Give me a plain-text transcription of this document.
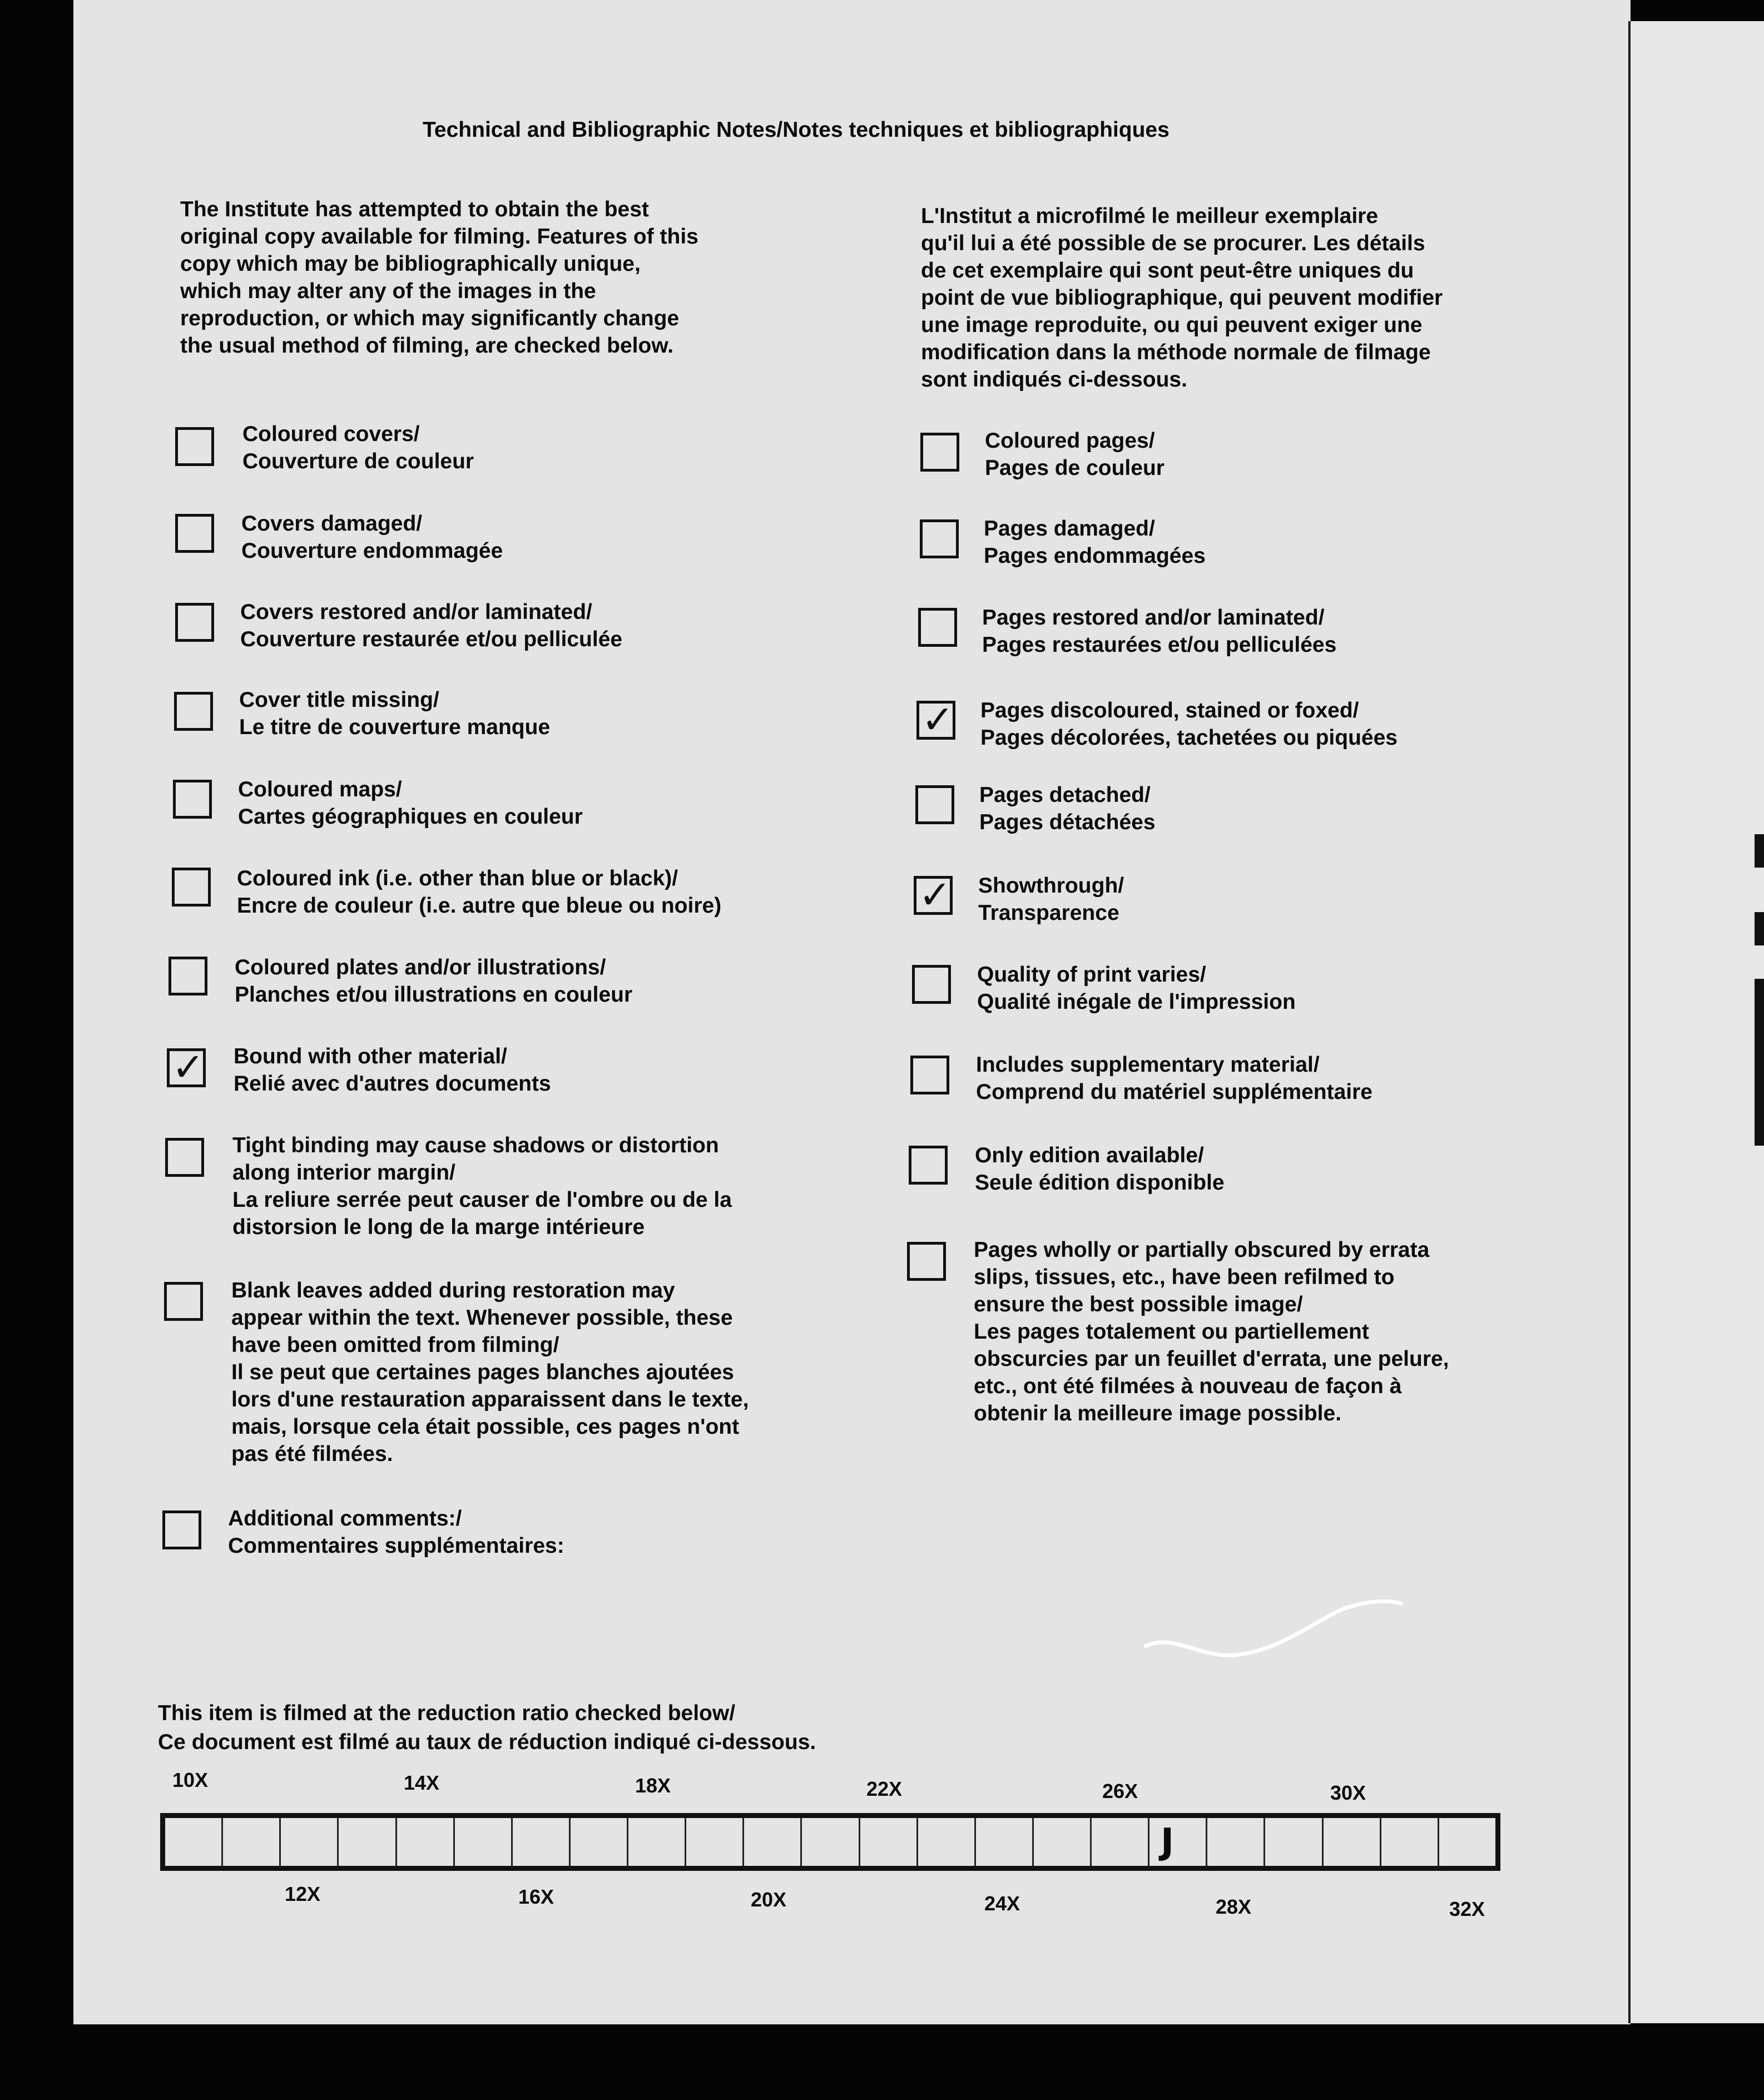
Technical and Bibliographic Notes/Notes techniques et bibliographiques
The Institute has attempted to obtain the best
original copy available for filming. Features of this
copy which may be bibliographically unique,
which may alter any of the images in the
reproduction, or which may significantly change
the usual method of filming, are checked below.
L'Institut a microfilmé le meilleur exemplaire
qu'il lui a été possible de se procurer. Les détails
de cet exemplaire qui sont peut-être uniques du
point de vue bibliographique, qui peuvent modifier
une image reproduite, ou qui peuvent exiger une
modification dans la méthode normale de filmage
sont indiqués ci-dessous.
Coloured covers/
Couverture de couleur
Covers damaged/
Couverture endommagée
Covers restored and/or laminated/
Couverture restaurée et/ou pelliculée
Cover title missing/
Le titre de couverture manque
Coloured maps/
Cartes géographiques en couleur
Coloured ink (i.e. other than blue or black)/
Encre de couleur (i.e. autre que bleue ou noire)
Coloured plates and/or illustrations/
Planches et/ou illustrations en couleur
✓ Bound with other material/
Relié avec d'autres documents
Tight binding may cause shadows or distortion
along interior margin/
La reliure serrée peut causer de l'ombre ou de la
distorsion le long de la marge intérieure
Blank leaves added during restoration may
appear within the text. Whenever possible, these
have been omitted from filming/
Il se peut que certaines pages blanches ajoutées
lors d'une restauration apparaissent dans le texte,
mais, lorsque cela était possible, ces pages n'ont
pas été filmées.
Additional comments:/
Commentaires supplémentaires:
Coloured pages/
Pages de couleur
Pages damaged/
Pages endommagées
Pages restored and/or laminated/
Pages restaurées et/ou pelliculées
✓ Pages discoloured, stained or foxed/
Pages décolorées, tachetées ou piquées
Pages detached/
Pages détachées
✓ Showthrough/
Transparence
Quality of print varies/
Qualité inégale de l'impression
Includes supplementary material/
Comprend du matériel supplémentaire
Only edition available/
Seule édition disponible
Pages wholly or partially obscured by errata
slips, tissues, etc., have been refilmed to
ensure the best possible image/
Les pages totalement ou partiellement
obscurcies par un feuillet d'errata, une pelure,
etc., ont été filmées à nouveau de façon à
obtenir la meilleure image possible.
This item is filmed at the reduction ratio checked below/
Ce document est filmé au taux de réduction indiqué ci-dessous.
J
10X	14X	18X	22X	26X	30X
12X	16X	20X	24X	28X	32X
